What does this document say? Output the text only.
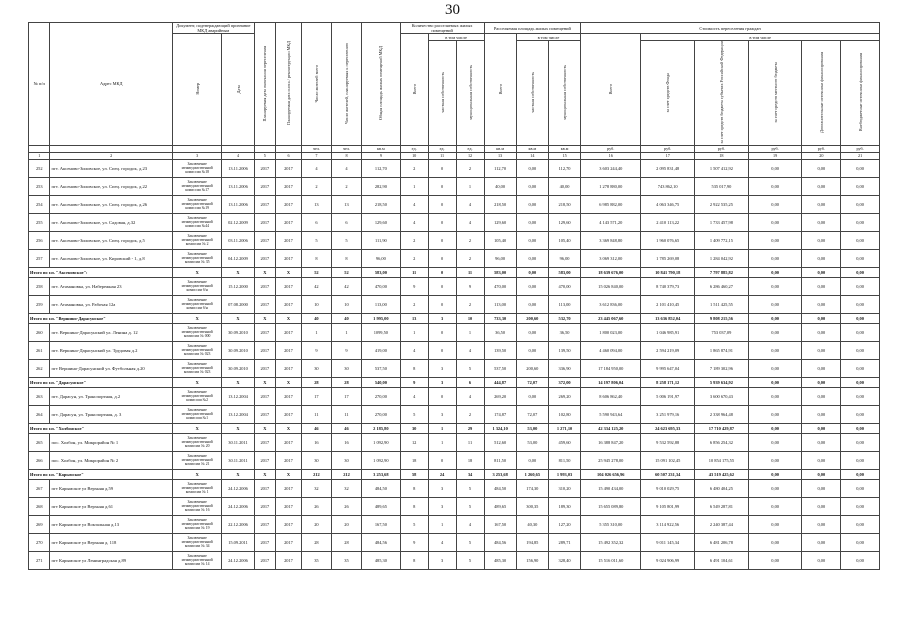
30
№ п/п	Адрес МКД	Документ, подтверждающий признание МКД аварийным		Планируемая дата окончания переселения	Планируемая дата сноса / реконструкции МКД	Число жителей всего	Число жителей, планируемых к переселению	Общая площадь жилых помещений МКД	Количество расселяемых жилых помещений			Расселяемая площадь жилых помещений			Стоимость переселения граждан					
		Номер	Дата						Всего	в том числе		Всего	в том числе		Всего	в том числе				
										частная собственность	муниципальная собственность		частная собственность	муниципальная собственность		за счет средств Фонда	за счет средств бюджета субъекта Российской Федерации	за счет средств местного бюджета	Дополнительные источники финансирования	Внебюджетные источники финансирования
						чел.	чел.	кв.м	ед.	ед.	ед.	кв.м	кв.м	кв.м	руб.	руб.	руб.	руб.	руб.	руб.
1	2	3	4	5	6	7	8	9	10	11	12	13	14	15	16	17	18	19	20	21
252	пгт. Аксеново-Зиловское, ул. Спец. городок, д.23	Заключение межведомственной комиссии №18	13.11.2006	2017	2017	4	4	112,70	2	0	2	112,70	0,00	112,70	3 603 244,40	2 095 831,48	1 507 412,92	0,00	0,00	0,00
253	пгт. Аксеново-Зиловское, ул. Спец. городок, д.22	Заключение межведомственной комиссии №17	13.11.2006	2017	2017	2	2	282,90	1	0	1	40,00	0,00	40,00	1 278 880,00	743 862,10	535 017,90	0,00	0,00	0,00
254	пгт. Аксеново-Зиловское, ул. Спец. городок, д.26	Заключение межведомственной комиссии №19	13.11.2006	2017	2017	13	13	218,50	4	0	4	218,50	0,00	218,50	6 985 882,00	4 063 346,75	2 922 535,25	0,00	0,00	0,00
255	пгт. Аксеново-Зиловское, ул. Садовая, д.32	Заключение межведомственной комиссии №44	02.12.2009	2017	2017	6	6	129,60	4	0	4	129,60	0,00	129,60	4 143 571,20	2 410 113,22	1 733 457,98	0,00	0,00	0,00
256	пгт. Аксеново-Зиловское, ул. Спец. городок, д.5	Заключение межведомственной комиссии № 2	03.11.2006	2017	2017	5	5	111,90	2	0	2	105,40	0,00	105,40	3 369 848,80	1 960 076,65	1 409 772,15	0,00	0,00	0,00
257	пгт. Аксеново-Зиловское, ул. Кировский - 1, д.8	Заключение межведомственной комиссии № 35	04.12.2009	2017	2017	8	8	96,00	2	0	2	96,00	0,00	96,00	3 069 312,00	1 785 269,08	1 284 042,92	0,00	0,00	0,00
Итого по г.п. "Аксеновское":		X	X	X	X	52	52	583,00	11	0	11	583,00	0,00	583,00	18 639 676,00	10 841 790,18	7 797 885,82	0,00	0,00	0,00
258	пгт. Атамановка, ул. Набережная 23	Заключение межведомственной комиссии б/н	15.12.2000	2017	2017	42	42	470,00	9	0	9	470,00	0,00	470,00	15 026 840,00	8 740 379,73	6 286 460,27	0,00	0,00	0,00
259	пгт. Атамановка, ул. Рабочая 12а	Заключение межведомственной комиссии б/н	07.08.2000	2017	2017	10	10	113,00	2	0	2	113,00	0,00	113,00	3 612 836,00	2 101 410,45	1 511 425,55	0,00	0,00	0,00
Итого по г.п. "Вершино-Дарасунское"		X	X	X	X	40	40	1 995,00	13	3	10	733,30	200,60	532,70	23 445 067,60	13 636 852,04	9 808 215,56	0,00	0,00	0,00
260	пгт. Вершино-Дарасунский ул. Ленина д. 12	Заключение межведомственной комиссии № 000	30.09.2010	2017	2017	1	1	1099,50	1	0	1	36,50	0,00	36,50	1 800 023,00	1 046 985,91	753 037,09	0,00	0,00	0,00
261	пгт. Вершино-Дарасунский ул. Трудовая д.2	Заключение межведомственной комиссии № 023	30.09.2010	2017	2017	9	9	419,00	4	0	4	139,50	0,00	139,50	4 460 094,00	2 594 219,09	1 865 874,91	0,00	0,00	0,00
262	пгт Вершино-Дарасунский ул. Футбольная д.20	Заключение межведомственной комиссии № 023	30.09.2010	2017	2017	30	30	537,50	8	3	5	537,50	200,60	336,90	17 184 950,00	9 995 647,04	7 189 302,96	0,00	0,00	0,00
Итого по г.п. "Дарасунское"		X	X	X	X	28	28	540,00	9	3	6	444,87	72,07	372,00	14 197 806,04	8 258 171,12	5 939 634,92	0,00	0,00	0,00
263	пгт. Дарасун, ул. Транспортная, д.2	Заключение межведомственной комиссии №2	13.12.2004	2017	2017	17	17	270,00	4	0	4	269,20	0,00	269,20	8 606 862,40	5 006 191,97	3 600 670,43	0,00	0,00	0,00
264	пгт. Дарасун, ул. Транспортная, д. 3	Заключение межведомственной комиссии №1	13.12.2004	2017	2017	11	11	270,00	5	3	2	174,87	72,07	102,80	5 590 943,64	3 251 979,16	2 338 964,48	0,00	0,00	0,00
Итого по г.п. "Холбонское"		X	X	X	X	46	46	2 185,80	30	1	29	1 324,10	53,00	1 271,10	42 334 125,20	24 623 695,33	17 710 429,87	0,00	0,00	0,00
265	пос. Холбон, ул. Микрорайон № 1	Заключение межведомственной комиссии № 20	30.11.2011	2017	2017	16	16	1 092,90	12	1	11	512,60	53,00	459,60	16 388 847,20	9 532 592,88	6 856 254,32	0,00	0,00	0,00
266	пос. Холбон, ул. Микрорайон № 2	Заключение межведомственной комиссии № 21	30.11.2011	2017	2017	30	30	1 092,90	18	0	18	811,50	0,00	811,50	25 945 278,00	15 091 102,45	10 854 175,55	0,00	0,00	0,00
Итого по г.п. "Карымское"		X	X	X	X	212	212	3 253,68	58	24	34	3 253,68	1 260,65	1 993,03	104 026 656,96	60 507 231,34	43 519 425,62	0,00	0,00	0,00
267	пгт Карымское ул Верхняя д.59	Заключение межведомственной комиссии № 1	24.12.2006	2017	2017	32	32	484,50	8	3	5	484,50	174,30	310,20	15 490 434,00	9 010 029,75	6 480 404,25	0,00	0,00	0,00
268	пгт Карымское ул Верхняя д.61	Заключение межведомственной комиссии № 16	24.12.2006	2017	2017	26	26	489,65	8	3	5	489,65	300,35	189,30	15 655 089,80	9 105 801,99	6 549 287,81	0,00	0,00	0,00
269	пгт Карымское ул Вокзальная д.13	Заключение межведомственной комиссии № 19	22.12.2006	2017	2017	20	20	167,50	5	1	4	167,50	40,30	127,20	5 355 310,00	3 114 922,56	2 240 387,44	0,00	0,00	0,00
270	пгт Карымское ул Верхняя д. 118	Заключение межведомственной комиссии № 34	15.09.2011	2017	2017	28	28	484,56	9	4	5	484,56	194,85	289,71	15 492 352,32	9 011 145,34	6 481 206,78	0,00	0,00	0,00
271	пгт Карымское ул Ленинградская д.89	Заключение межведомственной комиссии № 14	24.12.2006	2017	2017	35	35	485,30	8	3	5	485,30	156,90	328,40	15 516 011,60	9 024 906,99	6 491 104,61	0,00	0,00	0,00
